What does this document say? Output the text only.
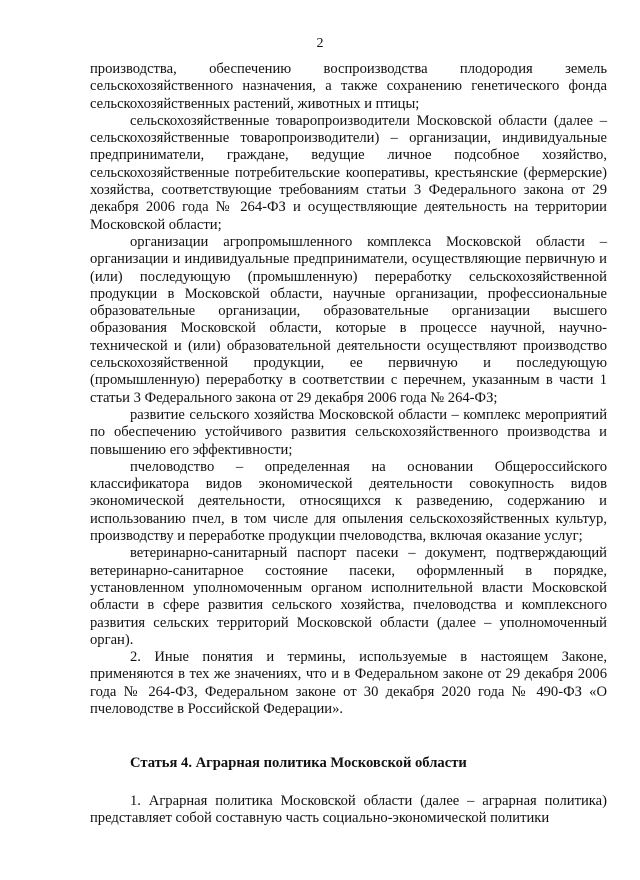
2

производства, обеспечению воспроизводства плодородия земель сельскохозяйственного назначения, а также сохранению генетического фонда сельскохозяйственных растений, животных и птицы;

сельскохозяйственные товаропроизводители Московской области (далее – сельскохозяйственные товаропроизводители) – организации, индивидуальные предприниматели, граждане, ведущие личное подсобное хозяйство, сельскохозяйственные потребительские кооперативы, крестьянские (фермерские) хозяйства, соответствующие требованиям статьи 3 Федерального закона от 29 декабря 2006 года № 264-ФЗ и осуществляющие деятельность на территории Московской области;

организации агропромышленного комплекса Московской области – организации и индивидуальные предприниматели, осуществляющие первичную и (или) последующую (промышленную) переработку сельскохозяйственной продукции в Московской области, научные организации, профессиональные образовательные организации, образовательные организации высшего образования Московской области, которые в процессе научной, научно-технической и (или) образовательной деятельности осуществляют производство сельскохозяйственной продукции, ее первичную и последующую (промышленную) переработку в соответствии с перечнем, указанным в части 1 статьи 3 Федерального закона от 29 декабря 2006 года № 264-ФЗ;

развитие сельского хозяйства Московской области – комплекс мероприятий по обеспечению устойчивого развития сельскохозяйственного производства и повышению его эффективности;

пчеловодство – определенная на основании Общероссийского классификатора видов экономической деятельности совокупность видов экономической деятельности, относящихся к разведению, содержанию и использованию пчел, в том числе для опыления сельскохозяйственных культур, производству и переработке продукции пчеловодства, включая оказание услуг;

ветеринарно-санитарный паспорт пасеки – документ, подтверждающий ветеринарно-санитарное состояние пасеки, оформленный в порядке, установленном уполномоченным органом исполнительной власти Московской области в сфере развития сельского хозяйства, пчеловодства и комплексного развития сельских территорий Московской области (далее – уполномоченный орган).

2. Иные понятия и термины, используемые в настоящем Законе, применяются в тех же значениях, что и в Федеральном законе от 29 декабря 2006 года № 264-ФЗ, Федеральном законе от 30 декабря 2020 года № 490-ФЗ «О пчеловодстве в Российской Федерации».

Статья 4. Аграрная политика Московской области

1. Аграрная политика Московской области (далее – аграрная политика) представляет собой составную часть социально-экономической политики
